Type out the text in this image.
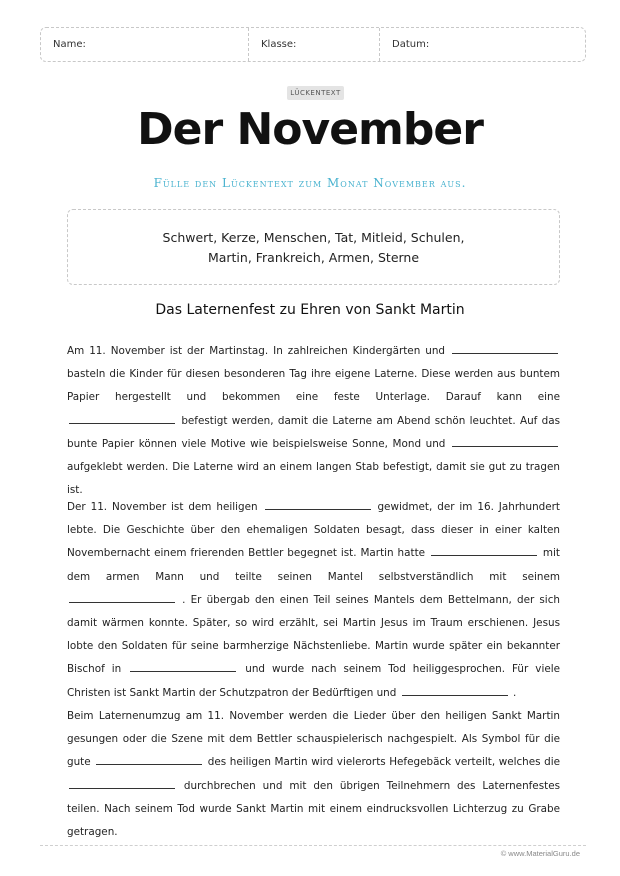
Name:	Klasse:	Datum:
LÜCKENTEXT
Der November
Fülle den Lückentext zum Monat November aus.
Schwert, Kerze, Menschen, Tat, Mitleid, Schulen,
Martin, Frankreich, Armen, Sterne
Das Laternenfest zu Ehren von Sankt Martin
Am 11. November ist der Martinstag. In zahlreichen Kindergärten und  basteln die Kinder für diesen besonderen Tag ihre eigene Laterne. Diese werden aus buntem Papier hergestellt und bekommen eine feste Unterlage. Darauf kann eine  befestigt werden, damit die Laterne am Abend schön leuchtet. Auf das bunte Papier können viele Motive wie beispielsweise Sonne, Mond und  aufgeklebt werden. Die Laterne wird an einem langen Stab befestigt, damit sie gut zu tragen ist.
Der 11. November ist dem heiligen	gewidmet, der im 16. Jahrhundert lebte. Die Geschichte über den ehemaligen Soldaten besagt, dass dieser in einer kalten Novembernacht einem frierenden Bettler begegnet ist. Martin hatte	mit dem armen Mann und teilte seinen Mantel selbstverständlich mit seinem  . Er übergab den einen Teil seines Mantels dem Bettelmann, der sich damit wärmen konnte. Später, so wird erzählt, sei Martin Jesus im Traum erschienen. Jesus lobte den Soldaten für seine barmherzige Nächstenliebe. Martin wurde später ein bekannter Bischof in	und wurde nach seinem Tod heiliggesprochen. Für viele Christen ist Sankt Martin der Schutzpatron der Bedürftigen und	.
Beim Laternenumzug am 11. November werden die Lieder über den heiligen Sankt Martin gesungen oder die Szene mit dem Bettler schauspielerisch nachgespielt. Als Symbol für die gute	des heiligen Martin wird vielerorts Hefegebäck verteilt, welches die  durchbrechen und mit den übrigen Teilnehmern des Laternenfestes teilen. Nach seinem Tod wurde Sankt Martin mit einem eindrucksvollen Lichterzug zu Grabe getragen.
© www.MaterialGuru.de
